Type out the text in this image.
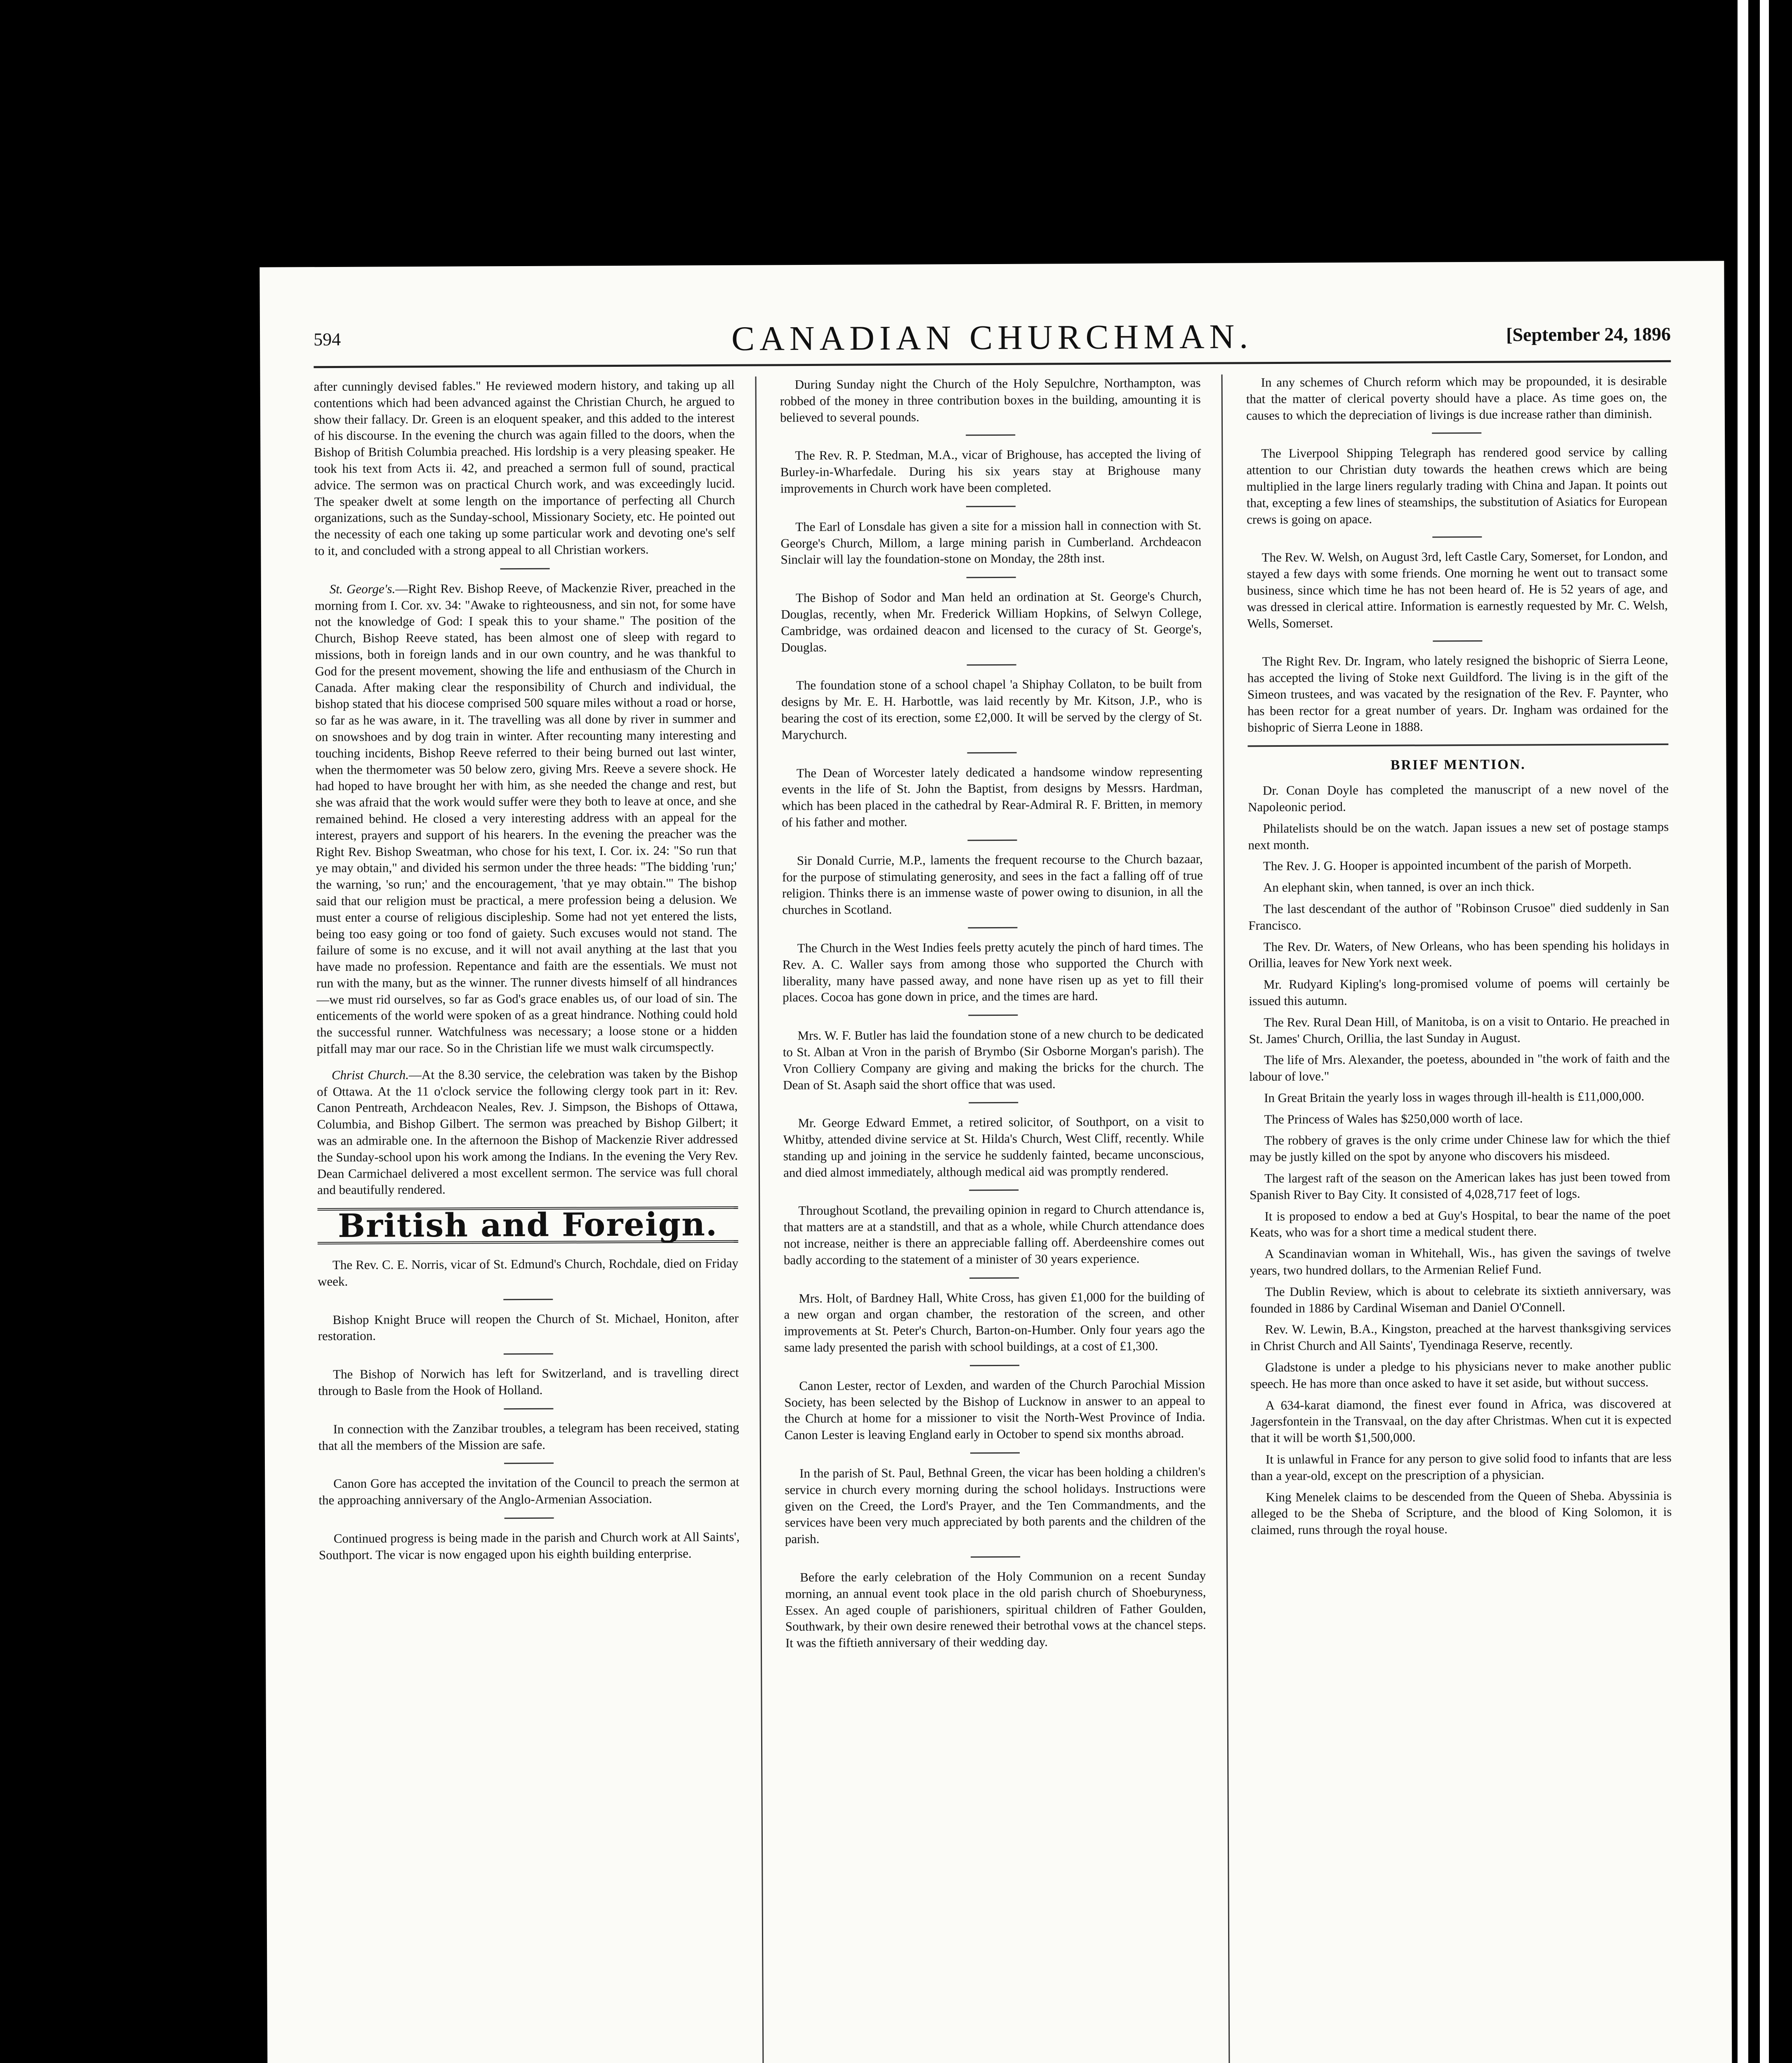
594	CANADIAN CHURCHMAN.	[September 24, 1896

after cunningly devised fables." He reviewed modern history, and taking up all contentions which had been advanced against the Christian Church, he argued to show their fallacy. Dr. Green is an eloquent speaker, and this added to the interest of his discourse. In the evening the church was again filled to the doors, when the Bishop of British Columbia preached. His lordship is a very pleasing speaker. He took his text from Acts ii. 42, and preached a sermon full of sound, practical advice. The sermon was on practical Church work, and was exceedingly lucid. The speaker dwelt at some length on the importance of perfecting all Church organizations, such as the Sunday-school, Missionary Society, etc. He pointed out the necessity of each one taking up some particular work and devoting one's self to it, and concluded with a strong appeal to all Christian workers.

St. George's.—Right Rev. Bishop Reeve, of Mackenzie River, preached in the morning from I. Cor. xv. 34: "Awake to righteousness, and sin not, for some have not the knowledge of God: I speak this to your shame." The position of the Church, Bishop Reeve stated, has been almost one of sleep with regard to missions, both in foreign lands and in our own country, and he was thankful to God for the present movement, showing the life and enthusiasm of the Church in Canada. After making clear the responsibility of Church and individual, the bishop stated that his diocese comprised 500 square miles without a road or horse, so far as he was aware, in it. The travelling was all done by river in summer and on snowshoes and by dog train in winter. After recounting many interesting and touching incidents, Bishop Reeve referred to their being burned out last winter, when the thermometer was 50 below zero, giving Mrs. Reeve a severe shock. He had hoped to have brought her with him, as she needed the change and rest, but she was afraid that the work would suffer were they both to leave at once, and she remained behind. He closed a very interesting address with an appeal for the interest, prayers and support of his hearers. In the evening the preacher was the Right Rev. Bishop Sweatman, who chose for his text, I. Cor. ix. 24: "So run that ye may obtain," and divided his sermon under the three heads: "The bidding 'run;' the warning, 'so run;' and the encouragement, 'that ye may obtain.'" The bishop said that our religion must be practical, a mere profession being a delusion. We must enter a course of religious discipleship. Some had not yet entered the lists, being too easy going or too fond of gaiety. Such excuses would not stand. The failure of some is no excuse, and it will not avail anything at the last that you have made no profession. Repentance and faith are the essentials. We must not run with the many, but as the winner. The runner divests himself of all hindrances—we must rid ourselves, so far as God's grace enables us, of our load of sin. The enticements of the world were spoken of as a great hindrance. Nothing could hold the successful runner. Watchfulness was necessary; a loose stone or a hidden pitfall may mar our race. So in the Christian life we must walk circumspectly.

Christ Church.—At the 8.30 service, the celebration was taken by the Bishop of Ottawa. At the 11 o'clock service the following clergy took part in it: Rev. Canon Pentreath, Archdeacon Neales, Rev. J. Simpson, the Bishops of Ottawa, Columbia, and Bishop Gilbert. The sermon was preached by Bishop Gilbert; it was an admirable one. In the afternoon the Bishop of Mackenzie River addressed the Sunday-school upon his work among the Indians. In the evening the Very Rev. Dean Carmichael delivered a most excellent sermon. The service was full choral and beautifully rendered.

British and Foreign.

The Rev. C. E. Norris, vicar of St. Edmund's Church, Rochdale, died on Friday week.

Bishop Knight Bruce will reopen the Church of St. Michael, Honiton, after restoration.

The Bishop of Norwich has left for Switzerland, and is travelling direct through to Basle from the Hook of Holland.

In connection with the Zanzibar troubles, a telegram has been received, stating that all the members of the Mission are safe.

Canon Gore has accepted the invitation of the Council to preach the sermon at the approaching anniversary of the Anglo-Armenian Association.

Continued progress is being made in the parish and Church work at All Saints', Southport. The vicar is now engaged upon his eighth building enterprise.

During Sunday night the Church of the Holy Sepulchre, Northampton, was robbed of the money in three contribution boxes in the building, amounting it is believed to several pounds.

The Rev. R. P. Stedman, M.A., vicar of Brighouse, has accepted the living of Burley-in-Wharfedale. During his six years stay at Brighouse many improvements in Church work have been completed.

The Earl of Lonsdale has given a site for a mission hall in connection with St. George's Church, Millom, a large mining parish in Cumberland. Archdeacon Sinclair will lay the foundation-stone on Monday, the 28th inst.

The Bishop of Sodor and Man held an ordination at St. George's Church, Douglas, recently, when Mr. Frederick William Hopkins, of Selwyn College, Cambridge, was ordained deacon and licensed to the curacy of St. George's, Douglas.

The foundation stone of a school chapel 'a Shiphay Collaton, to be built from designs by Mr. E. H. Harbottle, was laid recently by Mr. Kitson, J.P., who is bearing the cost of its erection, some £2,000. It will be served by the clergy of St. Marychurch.

The Dean of Worcester lately dedicated a handsome window representing events in the life of St. John the Baptist, from designs by Messrs. Hardman, which has been placed in the cathedral by Rear-Admiral R. F. Britten, in memory of his father and mother.

Sir Donald Currie, M.P., laments the frequent recourse to the Church bazaar, for the purpose of stimulating generosity, and sees in the fact a falling off of true religion. Thinks there is an immense waste of power owing to disunion, in all the churches in Scotland.

The Church in the West Indies feels pretty acutely the pinch of hard times. The Rev. A. C. Waller says from among those who supported the Church with liberality, many have passed away, and none have risen up as yet to fill their places. Cocoa has gone down in price, and the times are hard.

Mrs. W. F. Butler has laid the foundation stone of a new church to be dedicated to St. Alban at Vron in the parish of Brymbo (Sir Osborne Morgan's parish). The Vron Colliery Company are giving and making the bricks for the church. The Dean of St. Asaph said the short office that was used.

Mr. George Edward Emmet, a retired solicitor, of Southport, on a visit to Whitby, attended divine service at St. Hilda's Church, West Cliff, recently. While standing up and joining in the service he suddenly fainted, became unconscious, and died almost immediately, although medical aid was promptly rendered.

Throughout Scotland, the prevailing opinion in regard to Church attendance is, that matters are at a standstill, and that as a whole, while Church attendance does not increase, neither is there an appreciable falling off. Aberdeenshire comes out badly according to the statement of a minister of 30 years experience.

Mrs. Holt, of Bardney Hall, White Cross, has given £1,000 for the building of a new organ and organ chamber, the restoration of the screen, and other improvements at St. Peter's Church, Barton-on-Humber. Only four years ago the same lady presented the parish with school buildings, at a cost of £1,300.

Canon Lester, rector of Lexden, and warden of the Church Parochial Mission Society, has been selected by the Bishop of Lucknow in answer to an appeal to the Church at home for a missioner to visit the North-West Province of India. Canon Lester is leaving England early in October to spend six months abroad.

In the parish of St. Paul, Bethnal Green, the vicar has been holding a children's service in church every morning during the school holidays. Instructions were given on the Creed, the Lord's Prayer, and the Ten Commandments, and the services have been very much appreciated by both parents and the children of the parish.

Before the early celebration of the Holy Communion on a recent Sunday morning, an annual event took place in the old parish church of Shoeburyness, Essex. An aged couple of parishioners, spiritual children of Father Goulden, Southwark, by their own desire renewed their betrothal vows at the chancel steps. It was the fiftieth anniversary of their wedding day.

In any schemes of Church reform which may be propounded, it is desirable that the matter of clerical poverty should have a place. As time goes on, the causes to which the depreciation of livings is due increase rather than diminish.

The Liverpool Shipping Telegraph has rendered good service by calling attention to our Christian duty towards the heathen crews which are being multiplied in the large liners regularly trading with China and Japan. It points out that, excepting a few lines of steamships, the substitution of Asiatics for European crews is going on apace.

The Rev. W. Welsh, on August 3rd, left Castle Cary, Somerset, for London, and stayed a few days with some friends. One morning he went out to transact some business, since which time he has not been heard of. He is 52 years of age, and was dressed in clerical attire. Information is earnestly requested by Mr. C. Welsh, Wells, Somerset.

The Right Rev. Dr. Ingram, who lately resigned the bishopric of Sierra Leone, has accepted the living of Stoke next Guildford. The living is in the gift of the Simeon trustees, and was vacated by the resignation of the Rev. F. Paynter, who has been rector for a great number of years. Dr. Ingham was ordained for the bishopric of Sierra Leone in 1888.

BRIEF MENTION.

Dr. Conan Doyle has completed the manuscript of a new novel of the Napoleonic period.

Philatelists should be on the watch. Japan issues a new set of postage stamps next month.

The Rev. J. G. Hooper is appointed incumbent of the parish of Morpeth.

An elephant skin, when tanned, is over an inch thick.

The last descendant of the author of "Robinson Crusoe" died suddenly in San Francisco.

The Rev. Dr. Waters, of New Orleans, who has been spending his holidays in Orillia, leaves for New York next week.

Mr. Rudyard Kipling's long-promised volume of poems will certainly be issued this autumn.

The Rev. Rural Dean Hill, of Manitoba, is on a visit to Ontario. He preached in St. James' Church, Orillia, the last Sunday in August.

The life of Mrs. Alexander, the poetess, abounded in "the work of faith and the labour of love."

In Great Britain the yearly loss in wages through ill-health is £11,000,000.

The Princess of Wales has $250,000 worth of lace.

The robbery of graves is the only crime under Chinese law for which the thief may be justly killed on the spot by anyone who discovers his misdeed.

The largest raft of the season on the American lakes has just been towed from Spanish River to Bay City. It consisted of 4,028,717 feet of logs.

It is proposed to endow a bed at Guy's Hospital, to bear the name of the poet Keats, who was for a short time a medical student there.

A Scandinavian woman in Whitehall, Wis., has given the savings of twelve years, two hundred dollars, to the Armenian Relief Fund.

The Dublin Review, which is about to celebrate its sixtieth anniversary, was founded in 1886 by Cardinal Wiseman and Daniel O'Connell.

Rev. W. Lewin, B.A., Kingston, preached at the harvest thanksgiving services in Christ Church and All Saints', Tyendinaga Reserve, recently.

Gladstone is under a pledge to his physicians never to make another public speech. He has more than once asked to have it set aside, but without success.

A 634-karat diamond, the finest ever found in Africa, was discovered at Jagersfontein in the Transvaal, on the day after Christmas. When cut it is expected that it will be worth $1,500,000.

It is unlawful in France for any person to give solid food to infants that are less than a year-old, except on the prescription of a physician.

King Menelek claims to be descended from the Queen of Sheba. Abyssinia is alleged to be the Sheba of Scripture, and the blood of King Solomon, it is claimed, runs through the royal house.
